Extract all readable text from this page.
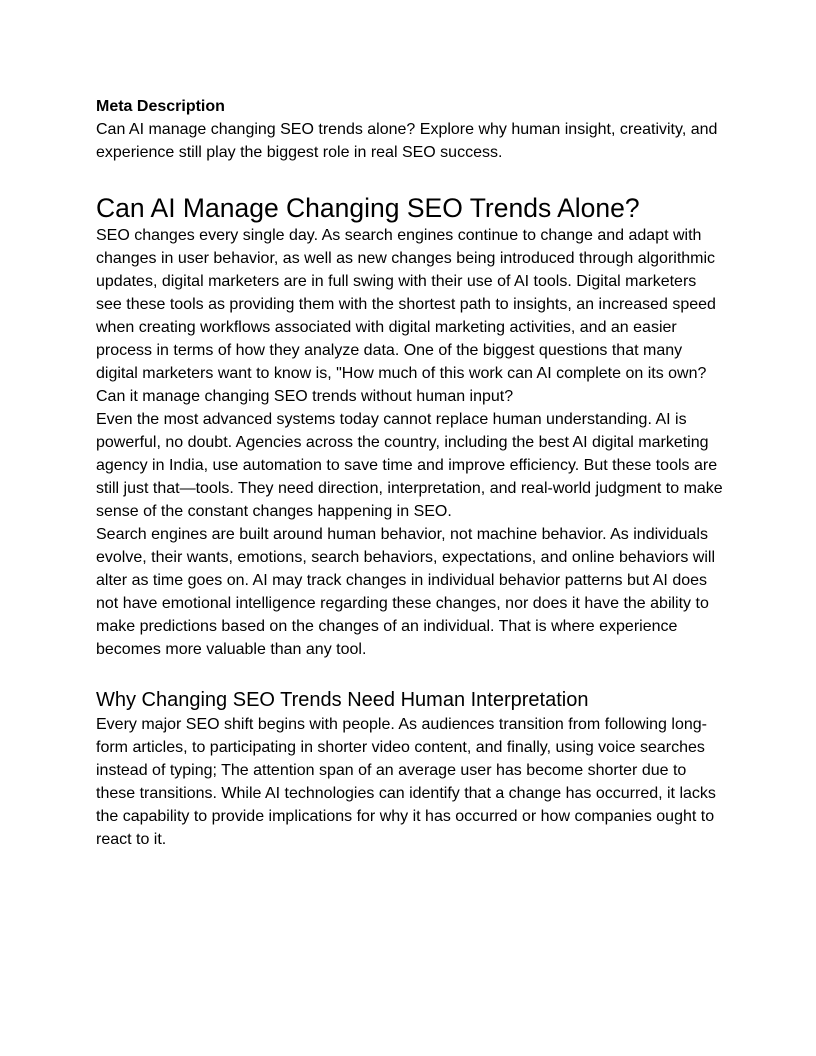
Meta Description

Can AI manage changing SEO trends alone? Explore why human insight, creativity, and experience still play the biggest role in real SEO success.

Can AI Manage Changing SEO Trends Alone?

SEO changes every single day. As search engines continue to change and adapt with changes in user behavior, as well as new changes being introduced through algorithmic updates, digital marketers are in full swing with their use of AI tools. Digital marketers see these tools as providing them with the shortest path to insights, an increased speed when creating workflows associated with digital marketing activities, and an easier process in terms of how they analyze data. One of the biggest questions that many digital marketers want to know is, "How much of this work can AI complete on its own? Can it manage changing SEO trends without human input?

Even the most advanced systems today cannot replace human understanding. AI is powerful, no doubt. Agencies across the country, including the best AI digital marketing agency in India, use automation to save time and improve efficiency. But these tools are still just that—tools. They need direction, interpretation, and real-world judgment to make sense of the constant changes happening in SEO.

Search engines are built around human behavior, not machine behavior. As individuals evolve, their wants, emotions, search behaviors, expectations, and online behaviors will alter as time goes on. AI may track changes in individual behavior patterns but AI does not have emotional intelligence regarding these changes, nor does it have the ability to make predictions based on the changes of an individual. That is where experience becomes more valuable than any tool.

Why Changing SEO Trends Need Human Interpretation

Every major SEO shift begins with people. As audiences transition from following long-form articles, to participating in shorter video content, and finally, using voice searches instead of typing; The attention span of an average user has become shorter due to these transitions. While AI technologies can identify that a change has occurred, it lacks the capability to provide implications for why it has occurred or how companies ought to react to it.
